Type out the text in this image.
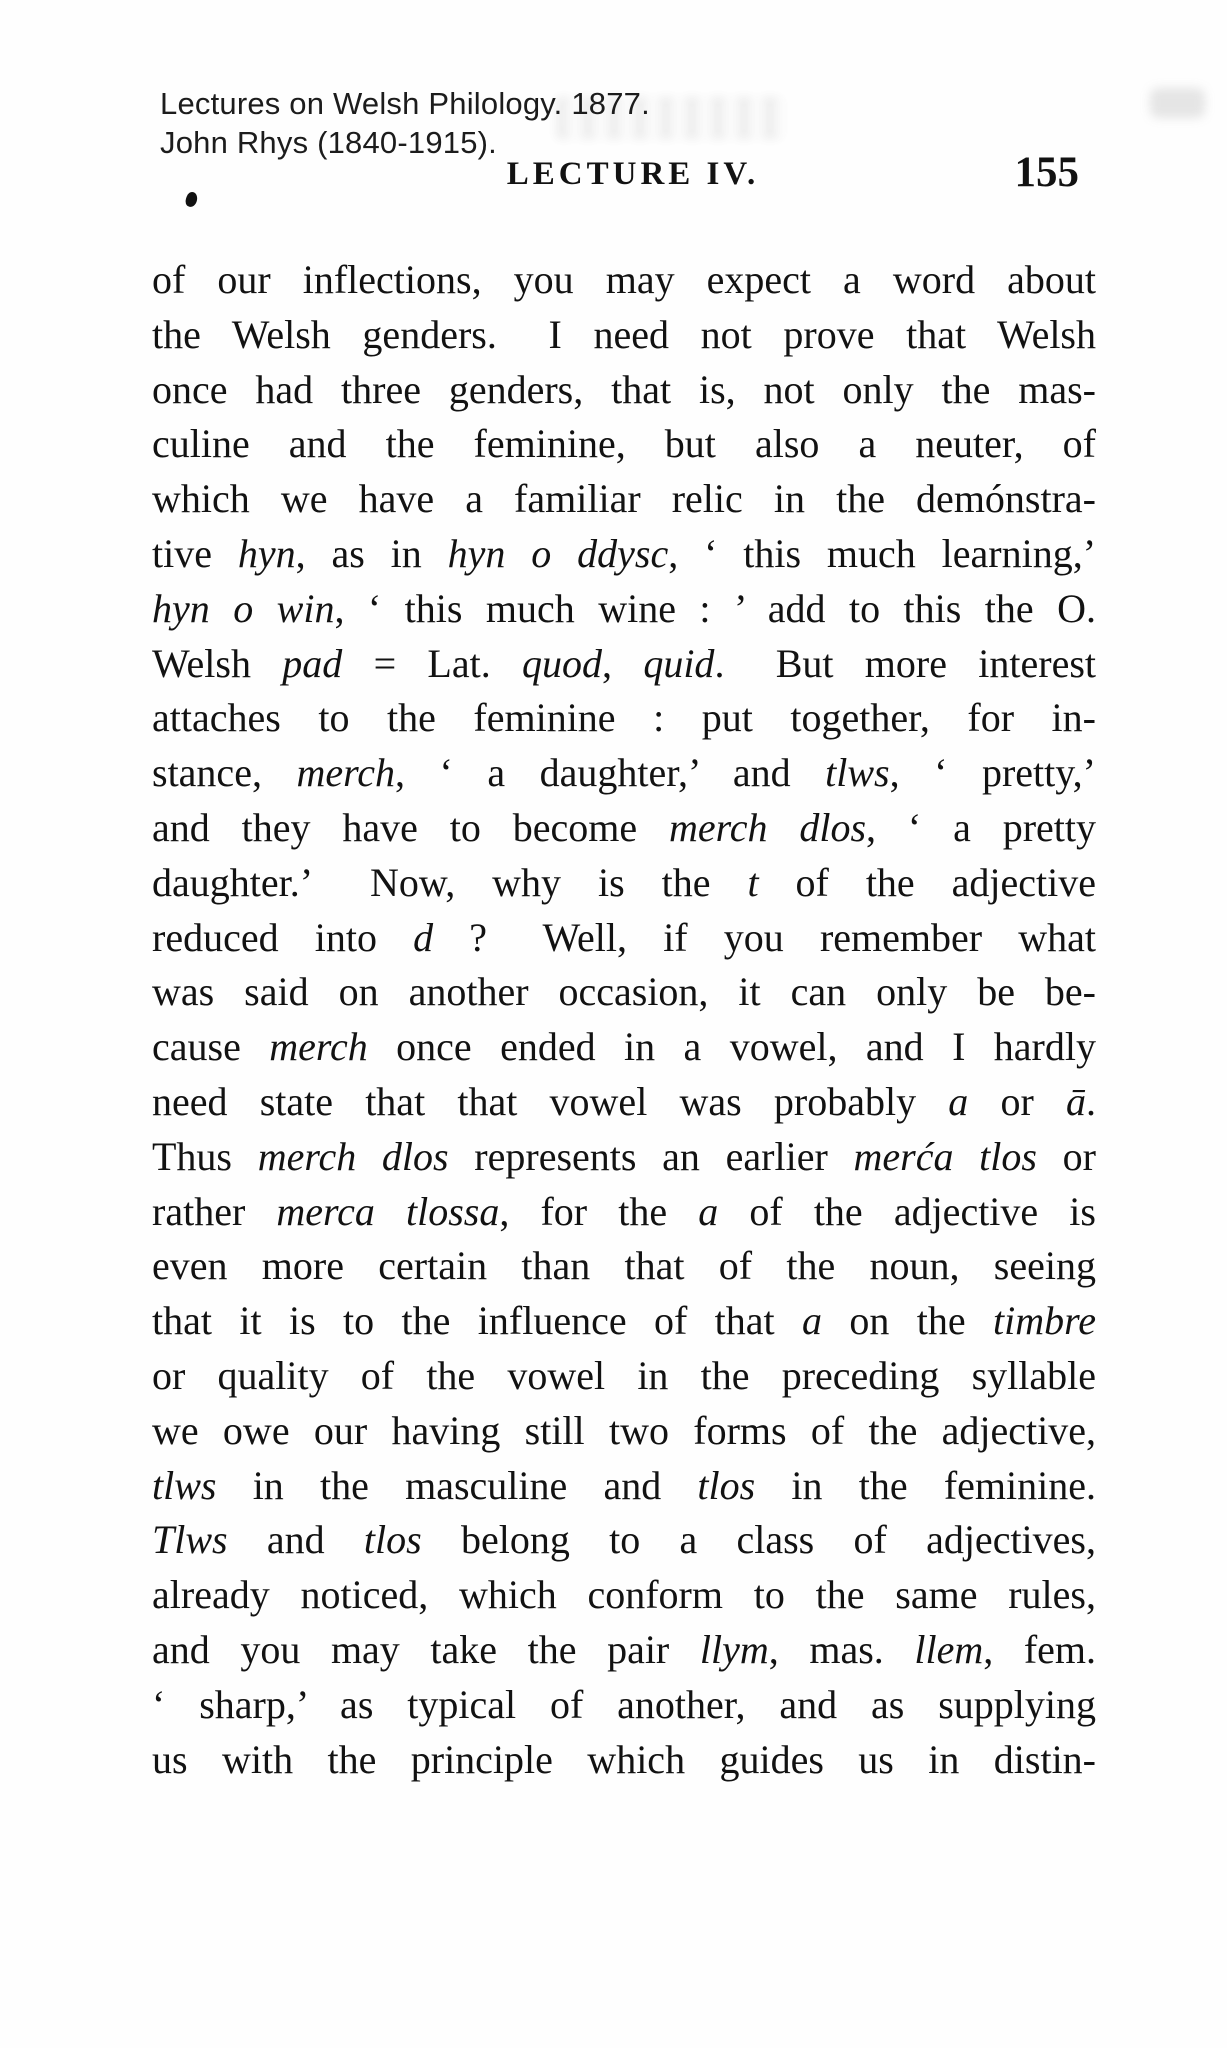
Lectures on Welsh Philology. 1877.
John Rhys (1840-1915).
LECTURE IV.	155
of our inflections, you may expect a word about
the Welsh genders.  I need not prove that Welsh
once had three genders, that is, not only the mas-
culine and the feminine, but also a neuter, of
which we have a familiar relic in the demónstra-
tive hyn, as in hyn o ddysc, ‘ this much learning,’
hyn o win, ‘ this much wine : ’ add to this the O.
Welsh pad = Lat. quod, quid.  But more interest
attaches to the feminine : put together, for in-
stance, merch, ‘ a daughter,’ and tlws, ‘ pretty,’
and they have to become merch dlos, ‘ a pretty
daughter.’  Now, why is the t of the adjective
reduced into d ?  Well, if you remember what
was said on another occasion, it can only be be-
cause merch once ended in a vowel, and I hardly
need state that that vowel was probably a or ā.
Thus merch dlos represents an earlier merća tlos or
rather merca tlossa, for the a of the adjective is
even more certain than that of the noun, seeing
that it is to the influence of that a on the timbre
or quality of the vowel in the preceding syllable
we owe our having still two forms of the adjective,
tlws in the masculine and tlos in the feminine.
Tlws and tlos belong to a class of adjectives,
already noticed, which conform to the same rules,
and you may take the pair llym, mas. llem, fem.
‘ sharp,’ as typical of another, and as supplying
us with the principle which guides us in distin-
